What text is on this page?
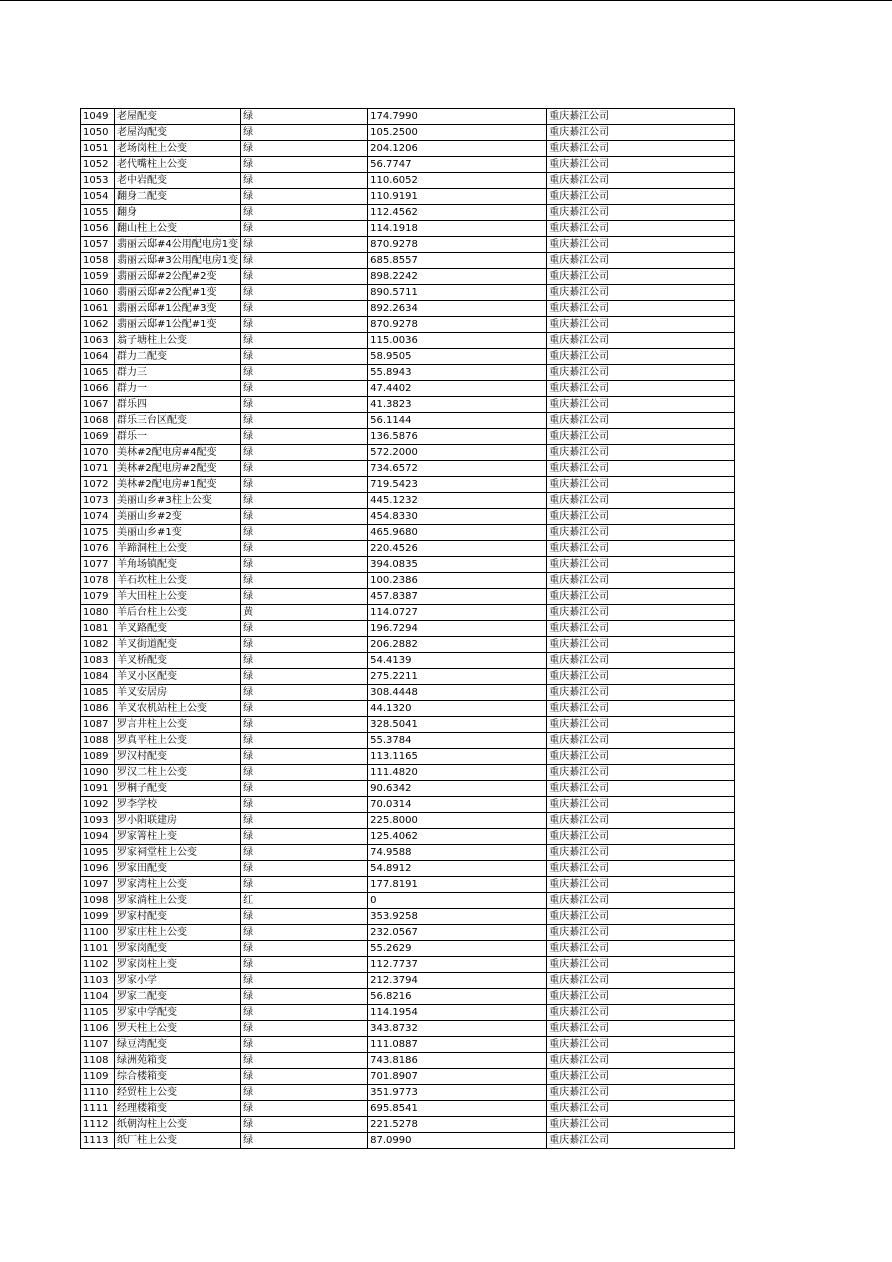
1049	老屋配变	绿	174.7990	重庆綦江公司
1050	老屋沟配变	绿	105.2500	重庆綦江公司
1051	老场岗柱上公变	绿	204.1206	重庆綦江公司
1052	老代嘴柱上公变	绿	56.7747	重庆綦江公司
1053	老中岩配变	绿	110.6052	重庆綦江公司
1054	翻身二配变	绿	110.9191	重庆綦江公司
1055	翻身	绿	112.4562	重庆綦江公司
1056	翻山柱上公变	绿	114.1918	重庆綦江公司
1057	翡丽云邸#4公用配电房1变	绿	870.9278	重庆綦江公司
1058	翡丽云邸#3公用配电房1变	绿	685.8557	重庆綦江公司
1059	翡丽云邸#2公配#2变	绿	898.2242	重庆綦江公司
1060	翡丽云邸#2公配#1变	绿	890.5711	重庆綦江公司
1061	翡丽云邸#1公配#3变	绿	892.2634	重庆綦江公司
1062	翡丽云邸#1公配#1变	绿	870.9278	重庆綦江公司
1063	翁子塘柱上公变	绿	115.0036	重庆綦江公司
1064	群力二配变	绿	58.9505	重庆綦江公司
1065	群力三	绿	55.8943	重庆綦江公司
1066	群力一	绿	47.4402	重庆綦江公司
1067	群乐四	绿	41.3823	重庆綦江公司
1068	群乐三台区配变	绿	56.1144	重庆綦江公司
1069	群乐一	绿	136.5876	重庆綦江公司
1070	美林#2配电房#4配变	绿	572.2000	重庆綦江公司
1071	美林#2配电房#2配变	绿	734.6572	重庆綦江公司
1072	美林#2配电房#1配变	绿	719.5423	重庆綦江公司
1073	美丽山乡#3柱上公变	绿	445.1232	重庆綦江公司
1074	美丽山乡#2变	绿	454.8330	重庆綦江公司
1075	美丽山乡#1变	绿	465.9680	重庆綦江公司
1076	羊蹄洞柱上公变	绿	220.4526	重庆綦江公司
1077	羊角场镇配变	绿	394.0835	重庆綦江公司
1078	羊石坎柱上公变	绿	100.2386	重庆綦江公司
1079	羊大田柱上公变	绿	457.8387	重庆綦江公司
1080	羊后台柱上公变	黄	114.0727	重庆綦江公司
1081	羊叉路配变	绿	196.7294	重庆綦江公司
1082	羊叉街道配变	绿	206.2882	重庆綦江公司
1083	羊叉桥配变	绿	54.4139	重庆綦江公司
1084	羊叉小区配变	绿	275.2211	重庆綦江公司
1085	羊叉安居房	绿	308.4448	重庆綦江公司
1086	羊叉农机站柱上公变	绿	44.1320	重庆綦江公司
1087	罗言井柱上公变	绿	328.5041	重庆綦江公司
1088	罗真平柱上公变	绿	55.3784	重庆綦江公司
1089	罗汉村配变	绿	113.1165	重庆綦江公司
1090	罗汉二柱上公变	绿	111.4820	重庆綦江公司
1091	罗桐子配变	绿	90.6342	重庆綦江公司
1092	罗李学校	绿	70.0314	重庆綦江公司
1093	罗小阳联建房	绿	225.8000	重庆綦江公司
1094	罗家箐柱上变	绿	125.4062	重庆綦江公司
1095	罗家祠堂柱上公变	绿	74.9588	重庆綦江公司
1096	罗家田配变	绿	54.8912	重庆綦江公司
1097	罗家湾柱上公变	绿	177.8191	重庆綦江公司
1098	罗家淌柱上公变	红	0	重庆綦江公司
1099	罗家村配变	绿	353.9258	重庆綦江公司
1100	罗家庄柱上公变	绿	232.0567	重庆綦江公司
1101	罗家岗配变	绿	55.2629	重庆綦江公司
1102	罗家岗柱上变	绿	112.7737	重庆綦江公司
1103	罗家小学	绿	212.3794	重庆綦江公司
1104	罗家二配变	绿	56.8216	重庆綦江公司
1105	罗家中学配变	绿	114.1954	重庆綦江公司
1106	罗天柱上公变	绿	343.8732	重庆綦江公司
1107	绿豆湾配变	绿	111.0887	重庆綦江公司
1108	绿洲苑箱变	绿	743.8186	重庆綦江公司
1109	综合楼箱变	绿	701.8907	重庆綦江公司
1110	经贸柱上公变	绿	351.9773	重庆綦江公司
1111	经理楼箱变	绿	695.8541	重庆綦江公司
1112	纸朝沟柱上公变	绿	221.5278	重庆綦江公司
1113	纸厂柱上公变	绿	87.0990	重庆綦江公司
